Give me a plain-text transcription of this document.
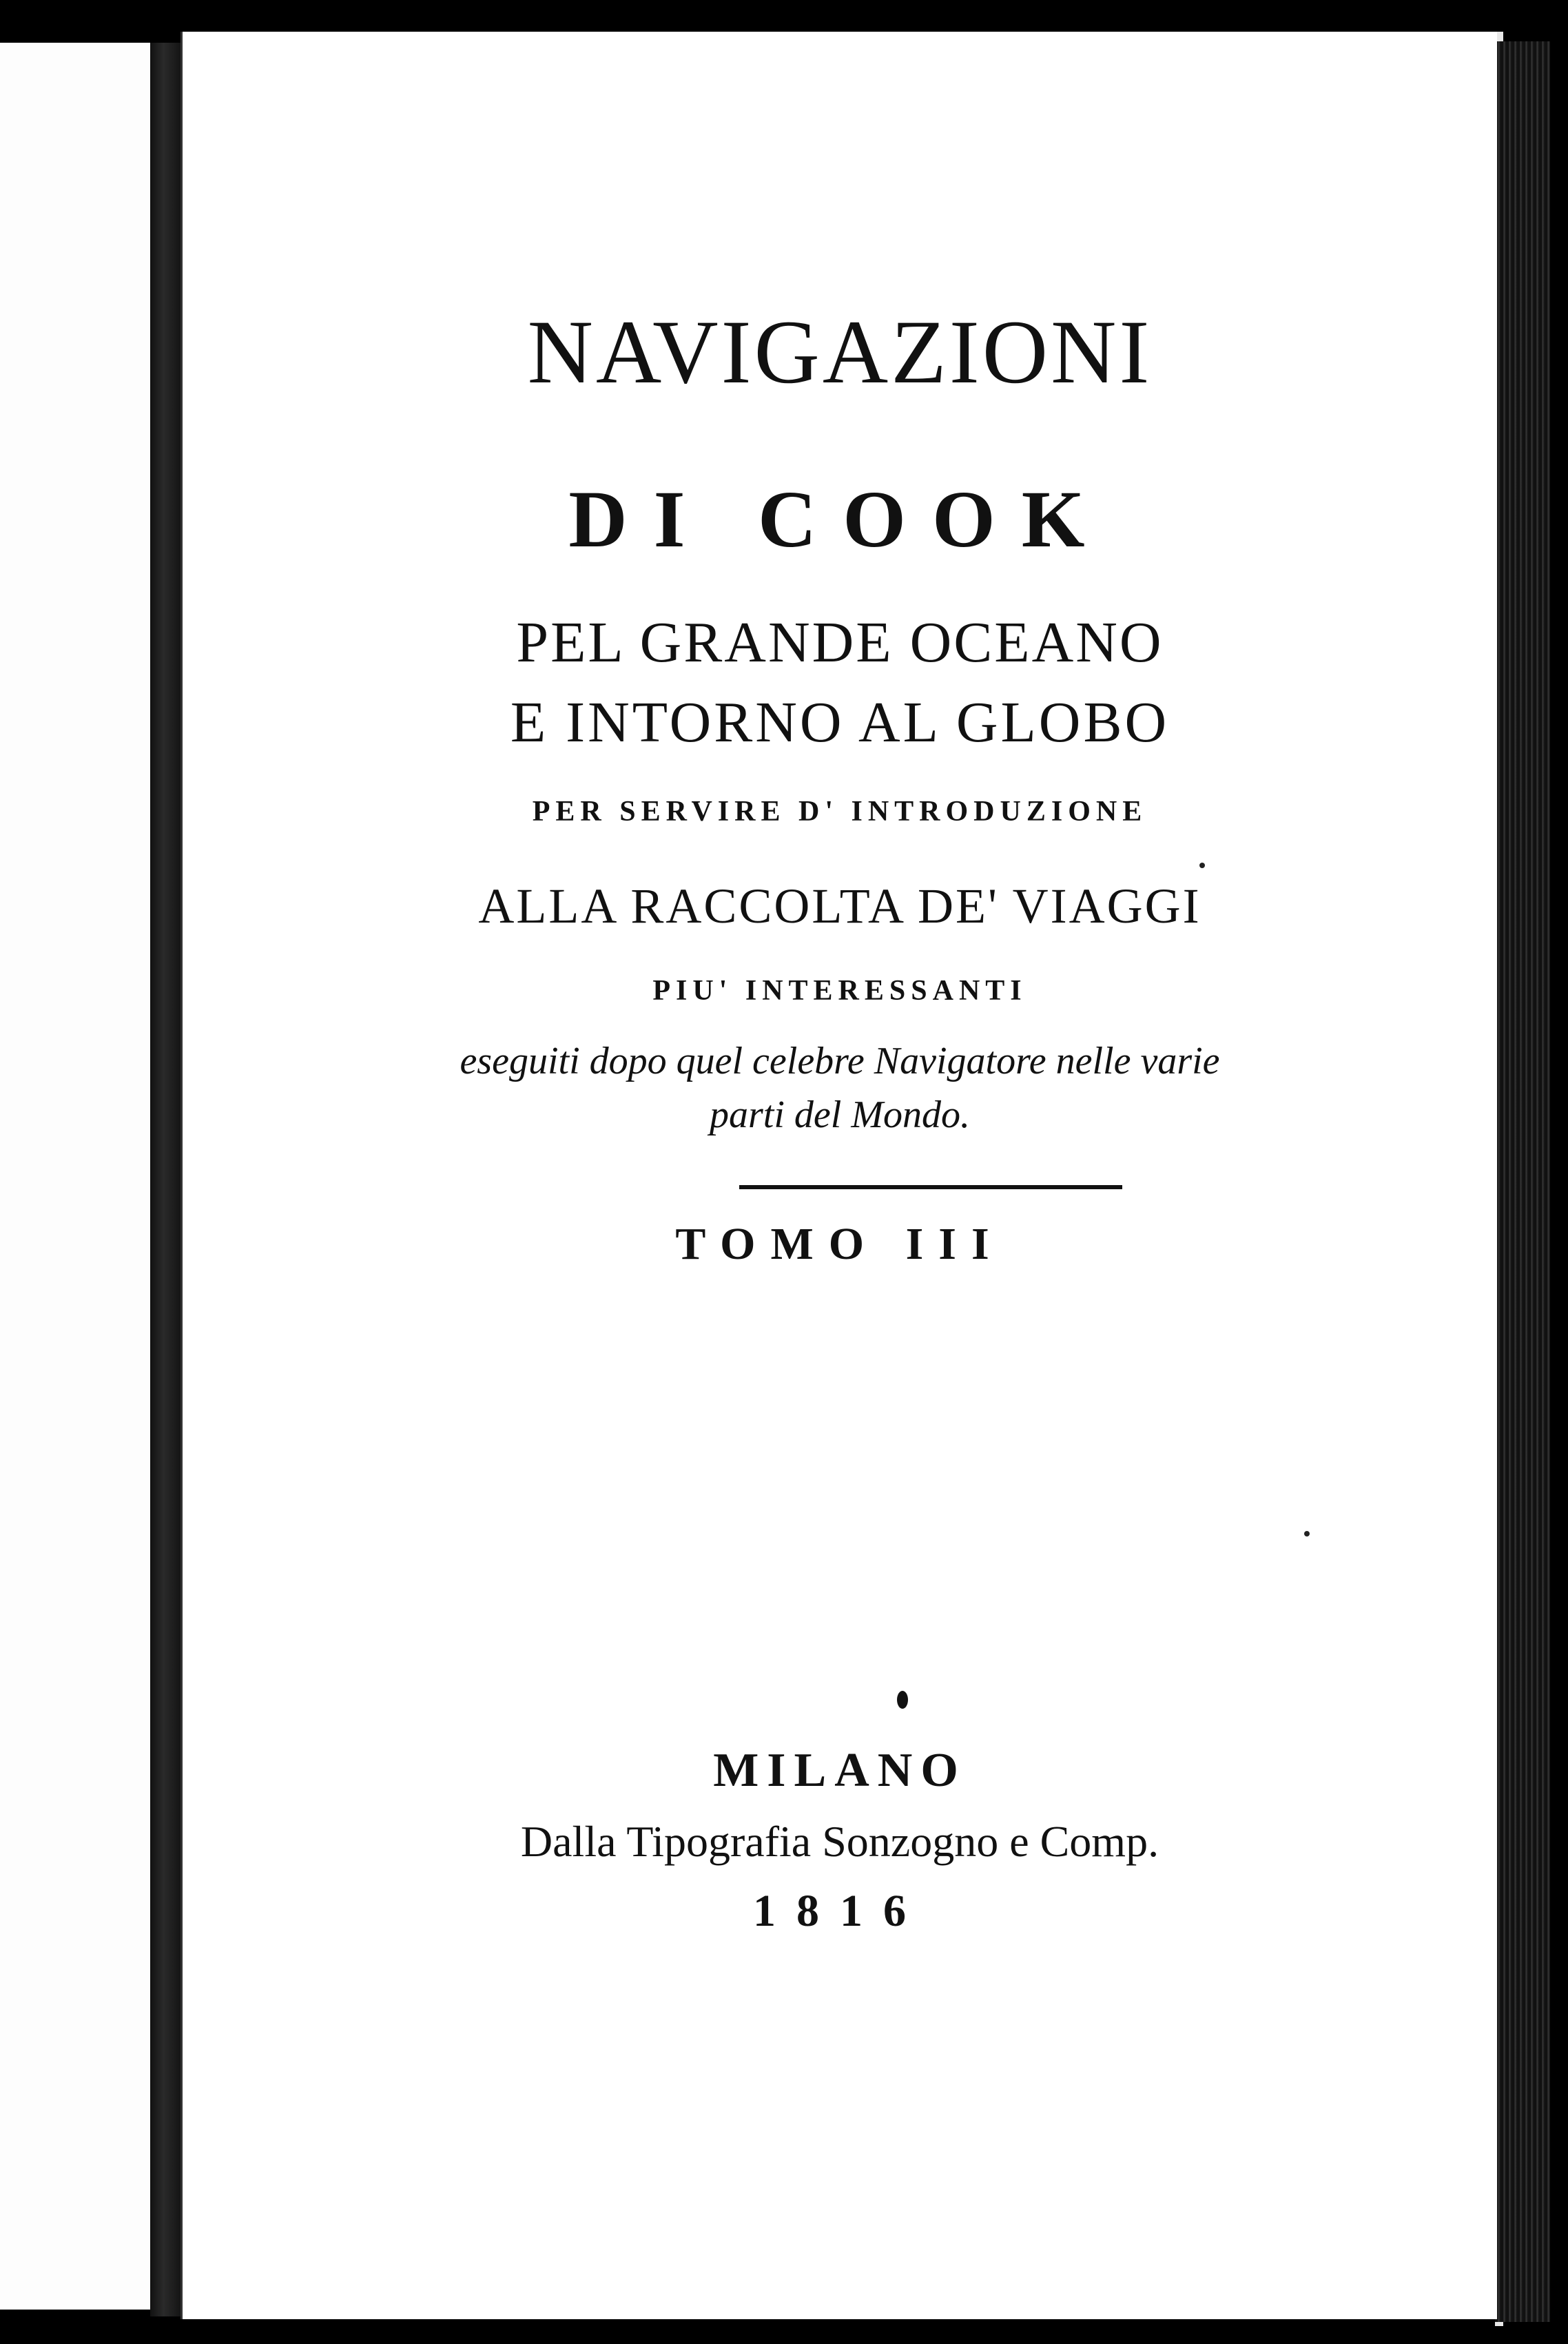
NAVIGAZIONI
DI COOK
PEL GRANDE OCEANO
E INTORNO AL GLOBO
PER SERVIRE D' INTRODUZIONE
ALLA RACCOLTA DE' VIAGGI
PIU' INTERESSANTI
eseguiti dopo quel celebre Navigatore nelle varie
parti del Mondo.
TOMO III
MILANO
Dalla Tipografia Sonzogno e Comp.
1816
